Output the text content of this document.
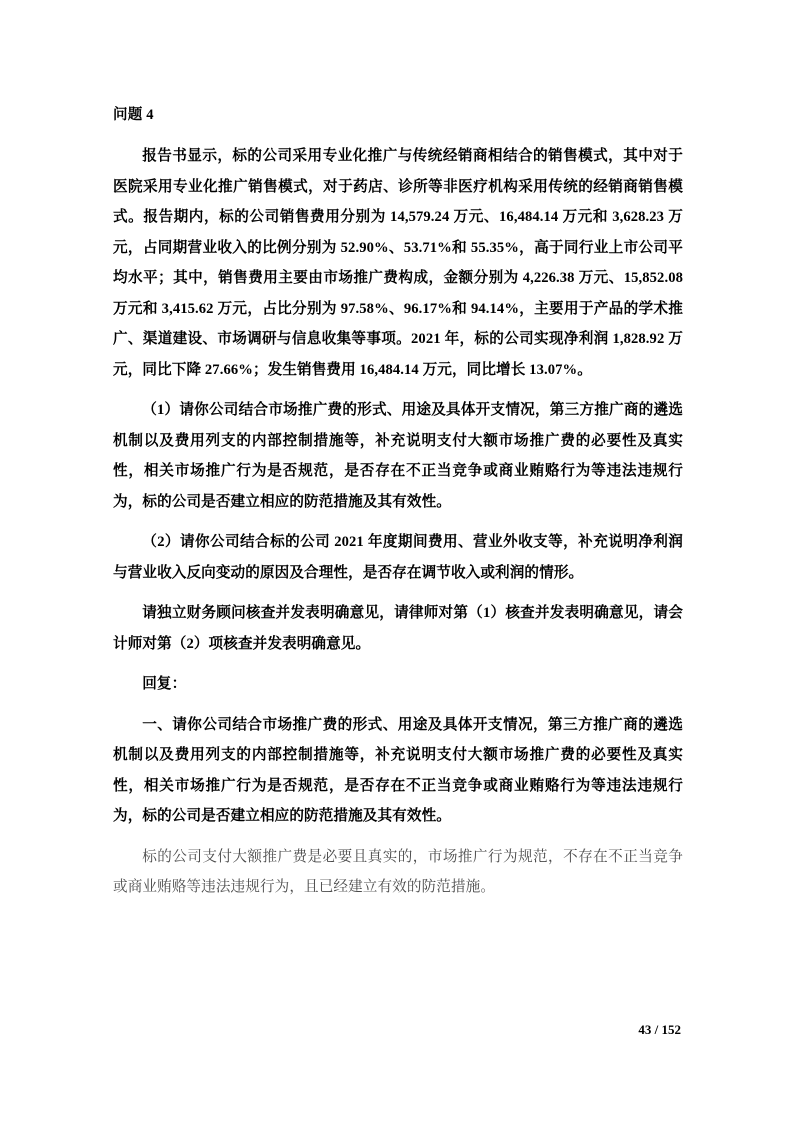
问题 4

报告书显示，标的公司采用专业化推广与传统经销商相结合的销售模式，其中对于医院采用专业化推广销售模式，对于药店、诊所等非医疗机构采用传统的经销商销售模式。报告期内，标的公司销售费用分别为 14,579.24 万元、16,484.14 万元和 3,628.23 万元，占同期营业收入的比例分别为 52.90%、53.71%和 55.35%，高于同行业上市公司平均水平；其中，销售费用主要由市场推广费构成，金额分别为 4,226.38 万元、15,852.08 万元和 3,415.62 万元，占比分别为 97.58%、96.17%和 94.14%，主要用于产品的学术推广、渠道建设、市场调研与信息收集等事项。2021 年，标的公司实现净利润 1,828.92 万元，同比下降 27.66%；发生销售费用 16,484.14 万元，同比增长 13.07%。

（1）请你公司结合市场推广费的形式、用途及具体开支情况，第三方推广商的遴选机制以及费用列支的内部控制措施等，补充说明支付大额市场推广费的必要性及真实性，相关市场推广行为是否规范，是否存在不正当竞争或商业贿赂行为等违法违规行为，标的公司是否建立相应的防范措施及其有效性。

（2）请你公司结合标的公司 2021 年度期间费用、营业外收支等，补充说明净利润与营业收入反向变动的原因及合理性，是否存在调节收入或利润的情形。

请独立财务顾问核查并发表明确意见，请律师对第（1）核查并发表明确意见，请会计师对第（2）项核查并发表明确意见。

回复：

一、请你公司结合市场推广费的形式、用途及具体开支情况，第三方推广商的遴选机制以及费用列支的内部控制措施等，补充说明支付大额市场推广费的必要性及真实性，相关市场推广行为是否规范，是否存在不正当竞争或商业贿赂行为等违法违规行为，标的公司是否建立相应的防范措施及其有效性。

标的公司支付大额推广费是必要且真实的，市场推广行为规范，不存在不正当竞争或商业贿赂等违法违规行为，且已经建立有效的防范措施。

43 / 152
